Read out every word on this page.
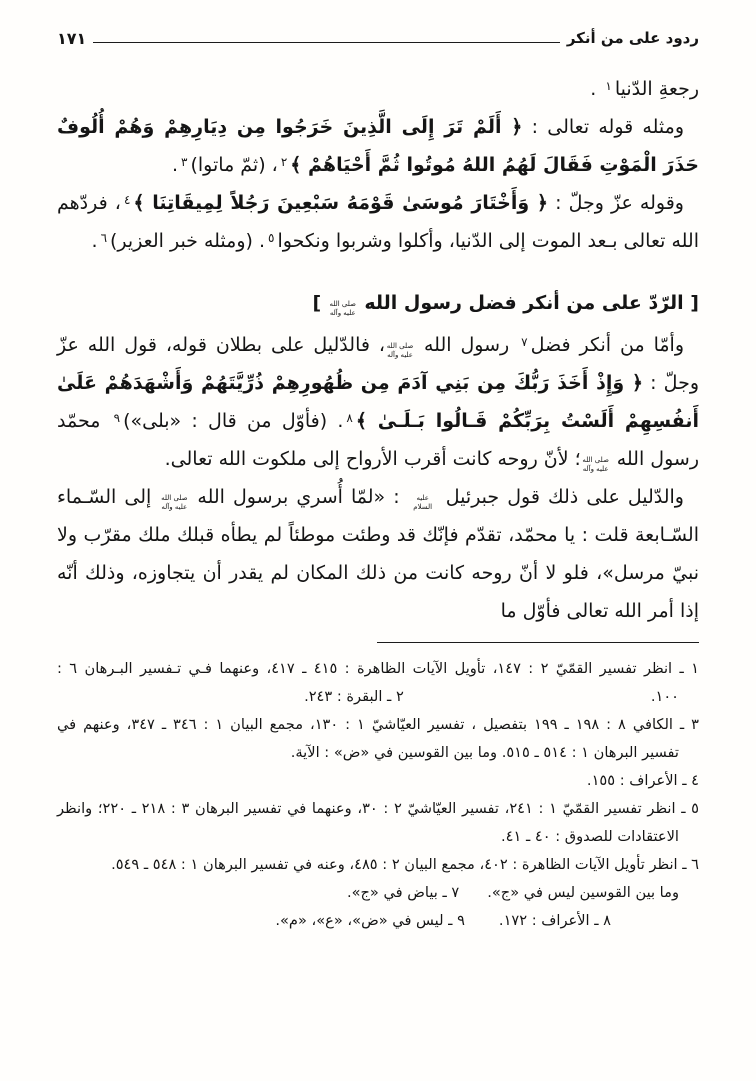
ردود على من أنكر
١٧١

رجعةِ الدّنيا$^١$ .

ومثله قوله تعالى : ﴿ أَلَمْ تَرَ إِلَى الَّذِينَ خَرَجُوا مِن دِيَارِهِمْ وَهُمْ أُلُوفٌ حَذَرَ الْمَوْتِ فَقَالَ لَهُمُ اللهُ مُوتُوا ثُمَّ أَحْيَاهُمْ ﴾$^٢$، (ثمّ ماتوا)$^٣$.

وقوله عزّ وجلّ : ﴿ وَأَخْتَارَ مُوسَىٰ قَوْمَهُ سَبْعِينَ رَجُلاً لِمِيقَاتِنَا ﴾$^٤$، فردّهم الله تعالى بـعد الموت إلى الدّنيا، وأكلوا وشربوا ونكحوا$^٥$. (ومثله خبر العزير)$^٦$.

[ الرّدّ على من أنكر فضل رسول الله صلى الله عليه وآله ]

وأمّا من أنكر فضل$^٧$ رسول الله صلى الله عليه وآله، فالدّليل على بطلان قوله، قول الله عزّ وجلّ : ﴿ وَإِذْ أَخَذَ رَبُّكَ مِن بَنِي آدَمَ مِن ظُهُورِهِمْ ذُرِّيَّتَهُمْ وَأَشْهَدَهُمْ عَلَىٰ أَنفُسِهِمْ أَلَسْتُ بِرَبِّكُمْ قَـالُوا بَـلَـىٰ ﴾$^٨$. (فأوّل من قال : «بلى»)$^٩$ محمّد رسول الله صلى الله عليه وآله؛ لأنّ روحه كانت أقرب الأرواح إلى ملكوت الله تعالى.

والدّليل على ذلك قول جبرئيل عليه السلام : «لمّا أُسري برسول الله صلى الله عليه وآله إلى السّـماء السّـابعة قلت : يا محمّد، تقدّم فإنّك قد وطئت موطئاً لم يطأه قبلك ملك مقرّب ولا نبيّ مرسل»، فلو لا أنّ روحه كانت من ذلك المكان لم يقدر أن يتجاوزه، وذلك أنّه إذا أمر الله تعالى فأوّل ما

١ ـ انظر تفسير القمّيّ ٢ : ١٤٧، تأويل الآيات الظاهرة : ٤١٥ ـ ٤١٧، وعنهما فـي تـفسير البـرهان ٦ :
١٠٠.
٢ ـ البقرة : ٢٤٣.
٣ ـ الكافي ٨ : ١٩٨ ـ ١٩٩ بتفصيل ، تفسير العيّاشيّ ١ : ١٣٠، مجمع البيان ١ : ٣٤٦ ـ ٣٤٧، وعنهم في
تفسير البرهان ١ : ٥١٤ ـ ٥١٥. وما بين القوسين في «ض» : الآية.
٤ ـ الأعراف : ١٥٥.
٥ ـ انظر تفسير القمّيّ ١ : ٢٤١، تفسير العيّاشيّ ٢ : ٣٠، وعنهما في تفسير البرهان ٣ : ٢١٨ ـ ٢٢٠؛ وانظر
الاعتقادات للصدوق : ٤٠ ـ ٤١.
٦ ـ انظر تأويل الآيات الظاهرة : ٤٠٢، مجمع البيان ٢ : ٤٨٥، وعنه في تفسير البرهان ١ : ٥٤٨ ـ ٥٤٩.
وما بين القوسين ليس في «ج».
٧ ـ بياض في «ج».
٨ ـ الأعراف : ١٧٢.
٩ ـ ليس في «ض»، «ع»، «م».
